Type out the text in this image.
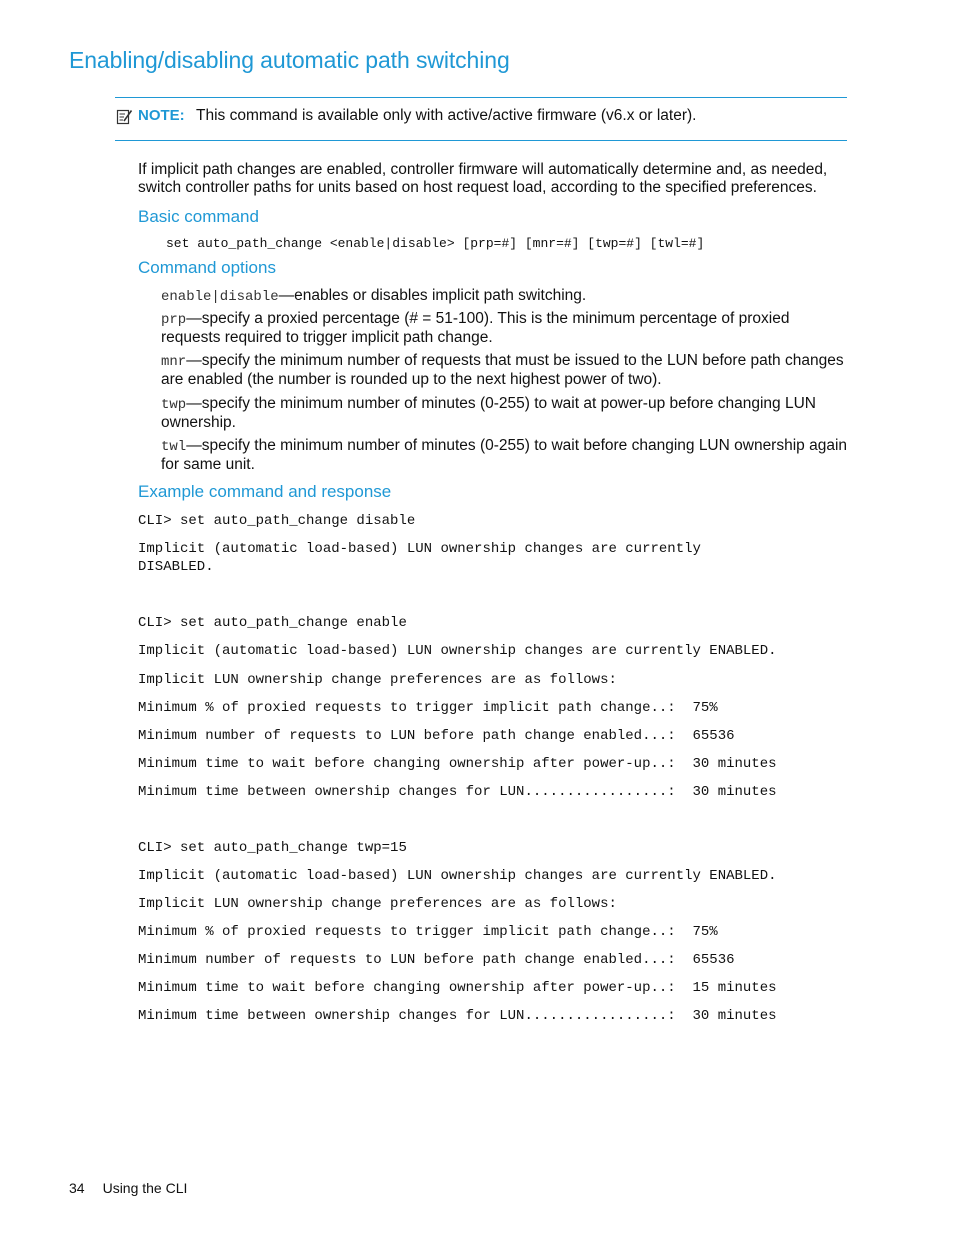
Enabling/disabling automatic path switching
NOTE: This command is available only with active/active firmware (v6.x or later).
If implicit path changes are enabled, controller firmware will automatically determine and, as needed, switch controller paths for units based on host request load, according to the specified preferences.
Basic command
set auto_path_change <enable|disable> [prp=#] [mnr=#] [twp=#] [twl=#]
Command options
enable|disable—enables or disables implicit path switching.
prp—specify a proxied percentage (# = 51-100). This is the minimum percentage of proxied requests required to trigger implicit path change.
mnr—specify the minimum number of requests that must be issued to the LUN before path changes are enabled (the number is rounded up to the next highest power of two).
twp—specify the minimum number of minutes (0-255) to wait at power-up before changing LUN ownership.
twl—specify the minimum number of minutes (0-255) to wait before changing LUN ownership again for same unit.
Example command and response
CLI> set auto_path_change disable
Implicit (automatic load-based) LUN ownership changes are currently
DISABLED.
CLI> set auto_path_change enable
Implicit (automatic load-based) LUN ownership changes are currently ENABLED.
Implicit LUN ownership change preferences are as follows:
Minimum % of proxied requests to trigger implicit path change..:  75%
Minimum number of requests to LUN before path change enabled...:  65536
Minimum time to wait before changing ownership after power-up..:  30 minutes
Minimum time between ownership changes for LUN.................:  30 minutes
CLI> set auto_path_change twp=15
Implicit (automatic load-based) LUN ownership changes are currently ENABLED.
Implicit LUN ownership change preferences are as follows:
Minimum % of proxied requests to trigger implicit path change..:  75%
Minimum number of requests to LUN before path change enabled...:  65536
Minimum time to wait before changing ownership after power-up..:  15 minutes
Minimum time between ownership changes for LUN.................:  30 minutes
34 Using the CLI
